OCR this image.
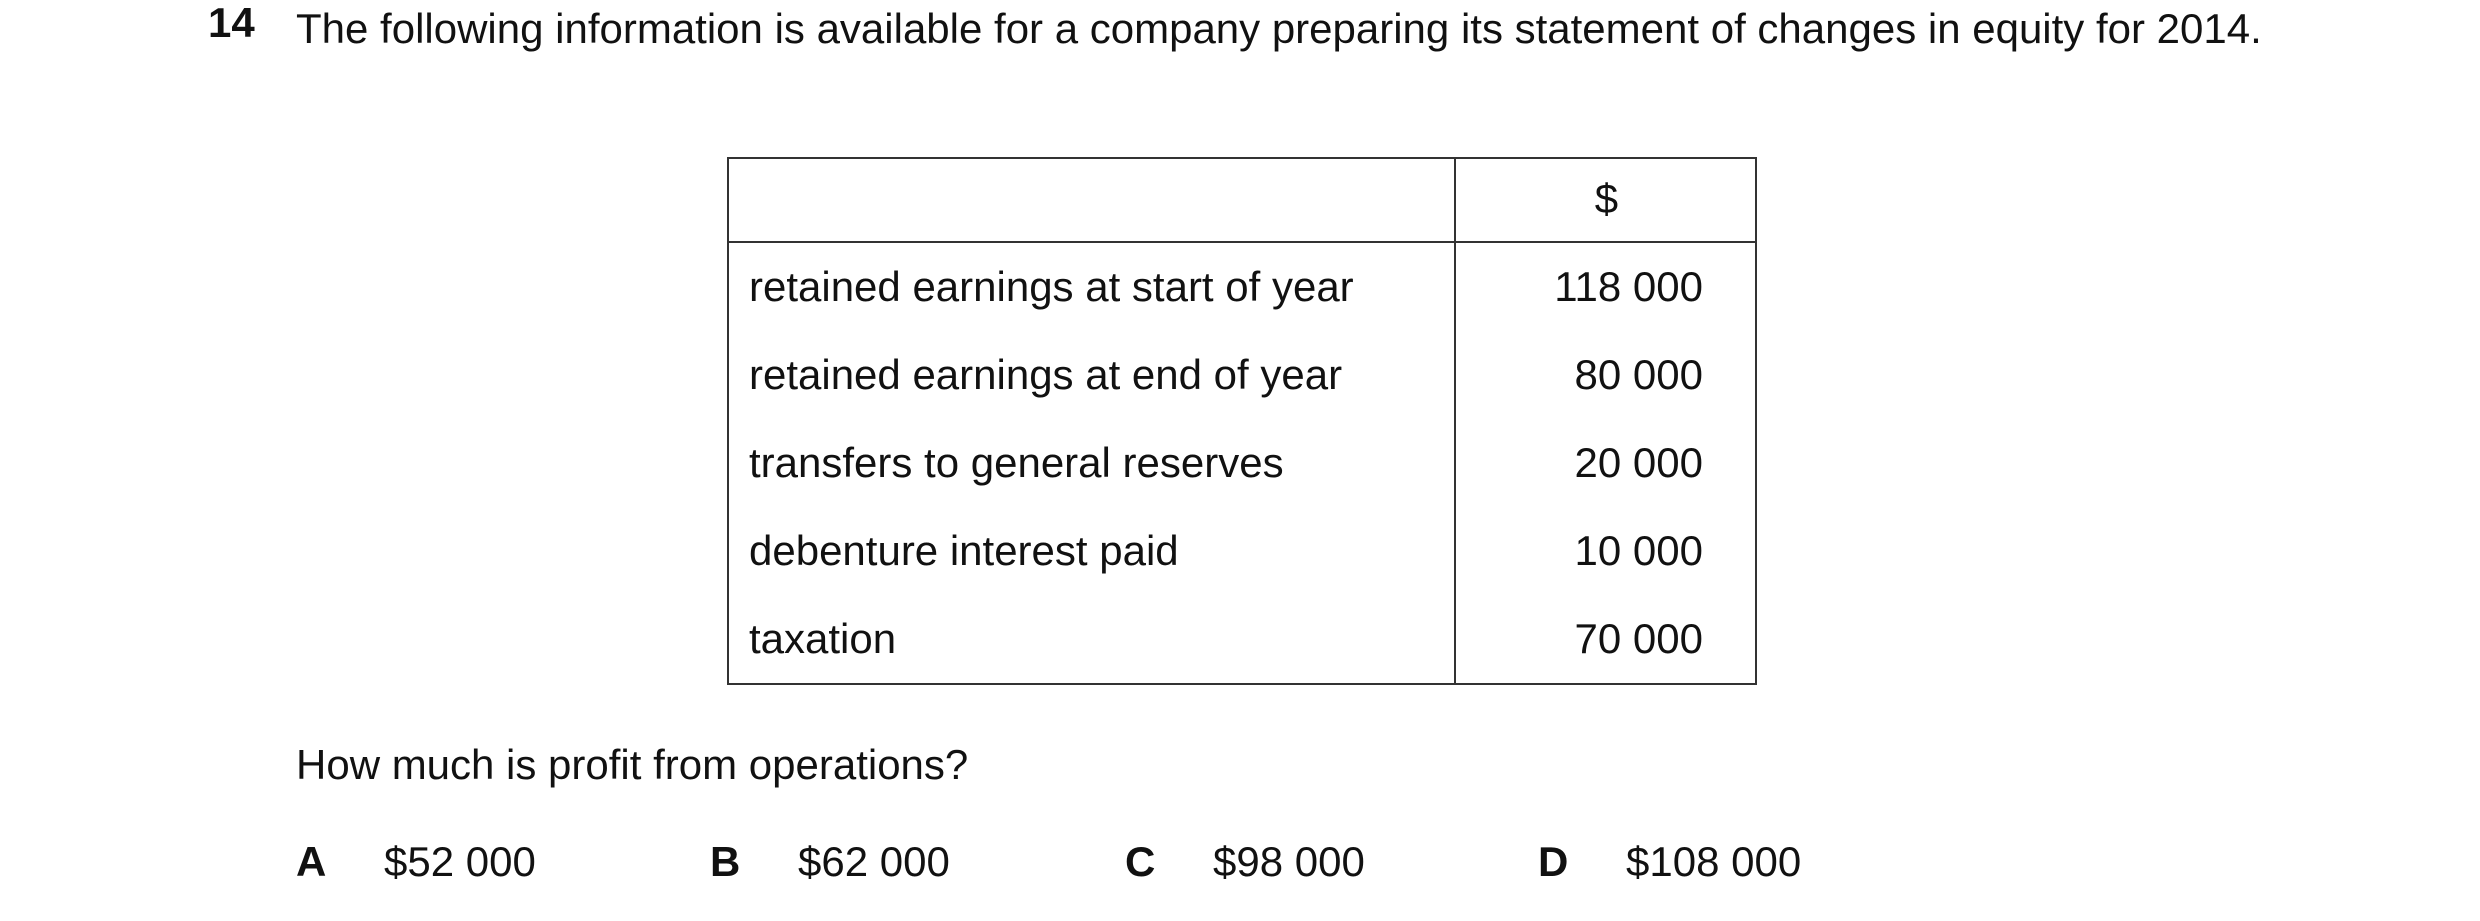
14 The following information is available for a company preparing its statement of changes in equity for 2014.
	$
retained earnings at start of year	118 000
retained earnings at end of year	80 000
transfers to general reserves	20 000
debenture interest paid	10 000
taxation	70 000
How much is profit from operations?
A $52 000	B $62 000	C $98 000	D $108 000
